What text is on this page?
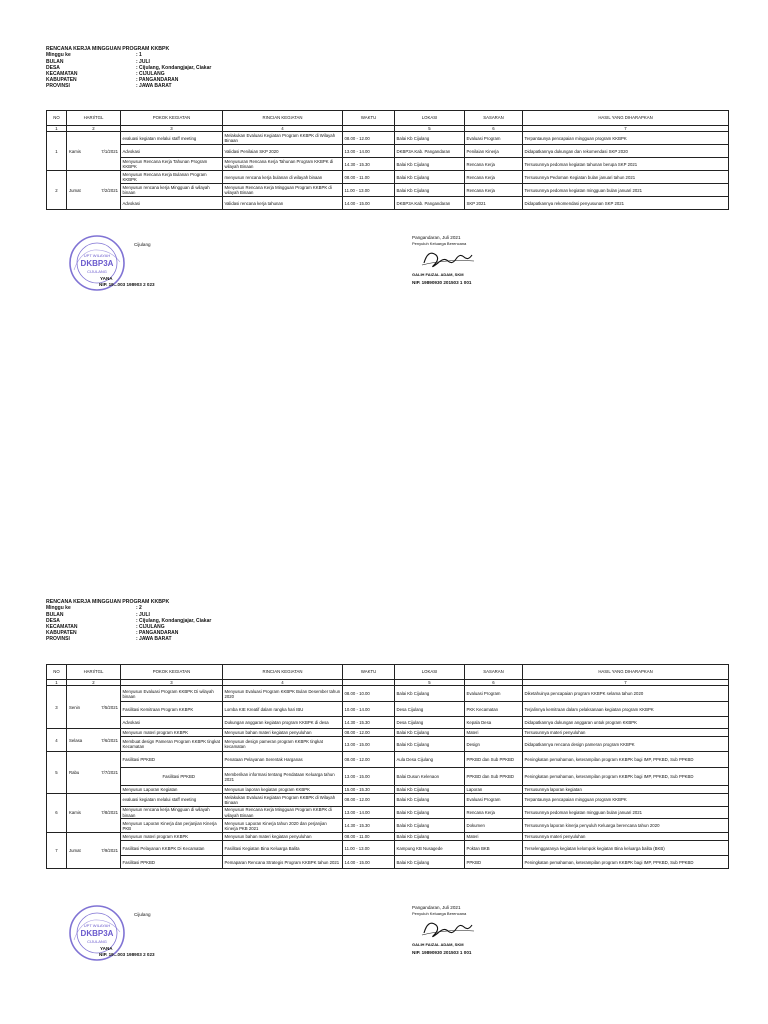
RENCANA KERJA MINGGUAN PROGRAM KKBPK
Minggu ke	: 1
BULAN	: JULI
DESA	: Cijulang, Kondangjajar, Ciakar
KECAMATAN	: CIJULANG
KABUPATEN	: PANGANDARAN
PROVINSI	: JAWA BARAT
NO	HARI/TGL	POKOK KEGIATAN	RINCIAN KEGIATAN	WAKTU	LOKASI	SASARAN	HASIL YANG DIHARAPKAN
1	2	3	4		5	6	7
1	Kamis 7/1/2021	evaluasi kegiatan melalui staff meeting	Melakukan Evaluasi Kegiatan Program KKBPK di Wilayah Binaan	08.00 - 12.00	Balai Kb Cijulang	Evaluasi Program	Terpantaunya pencapaian mingguan program KKBPK
		Advokasi	Validasi Penilaian SKP 2020	13.00 - 14.00	DKBP3A Kab. Pangandaran	Penilaian Kinerja	Didapatkannya dukungan dan rekomendasi SKP 2020
		Menyusun Rencana Kerja Tahunan Program KKBPK	Menyusuran Rencana Kerja Tahunan Program KKBPK di wilayah Binaan	14.30 - 15.30	Balai Kb Cijulang	Rencana Kerja	Tersusunnya pedoman kegiatan tahunan berupa SKP 2021
2	Jumat 7/2/2021	Menyusun Rencana Kerja Bulanan Program KKBPK	menyusun rencana kerja bulanan di wilayah binaan	08.00 - 11.00	Balai Kb Cijulang	Rencana Kerja	Tersusunnya Pedoman Kegiatan bulan januari tahun 2021
		Menyusun rencana kerja Mingguan di wilayah binaan	Menyusun Rencana Kerja Mingguan Program KKBPK di wilayah Binaan	11.00 - 13.00	Balai Kb Cijulang	Rencana Kerja	Tersusunnya pedoman kegiatan mingguan bulan januari 2021
		Advokasi	Validasi rencana kerja tahunan	14.00 - 15.00	DKBP3A Kab. Pangandaran	SKP 2021	Didapatkannya rekomendasi penyusunan SKP 2021
UPT WILAYAH
DKBP3A
CIJULANG
Cijulang
YANA
NIP. 19...003 198903 2 023
Pangandaran, Juli 2021
Penyuluh Keluarga Berencana
GALIH FAIZAL ADAM, SKM
NIP. 19890930 201503 1 001
RENCANA KERJA MINGGUAN PROGRAM KKBPK
Minggu ke	: 2
BULAN	: JULI
DESA	: Cijulang, Kondangjajar, Ciakar
KECAMATAN	: CIJULANG
KABUPATEN	: PANGANDARAN
PROVINSI	: JAWA BARAT
NO	HARI/TGL	POKOK KEGIATAN	RINCIAN KEGIATAN	WAKTU	LOKASI	SASARAN	HASIL YANG DIHARAPKAN
1	2	3	4		5	6	7
3	Senin 7/5/2021	Menyusun Evaluasi Program KKBPK Di wilayah binaan	Menyusun Evaluasi Program KKBPK Bulan Desember tahun 2020	08.00 - 10.00	Balai Kb Cijulang	Evaluasi Program	Diketahuinya pencapaian program KKBPK selama tahun 2020
		Fasilitasi Kemitraan Program KKBPK	Lomba KIE Kreatif dalam rangka hari IBU	10.00 - 14.00	Desa Cijulang	PKK Kecamatan	Terjalinnya kemitraan dalam pelaksanaan kegiatan program KKBPK
		Advokasi	Dukungan anggaran kegiatan program KKBPK di desa	14.30 - 15.30	Desa Cijulang	Kepala Desa	Didapatkannya dukungan anggaran untuk program KKBPK
4	Selasa 7/6/2021	Menyusun materi program KKBPK	Menyusun bahan materi kegiatan penyuluhan	08.00 - 12.00	Balai Kb Cijulang	Materi	Tersusunnya materi penyuluhan
		Membuat design Pameran Program KKBPK tingkat Kecamatan	Menyusun design pameran program KKBPK tingkat kecamatan	13.00 - 15.00	Balai Kb Cijulang	Design	Didapatkannya rencana design pameran program KKBPK
5	Rabu 7/7/2021	Fasilitasi PPKBD	Penataan Pelayanan Serentak Harganas	08.00 - 12.00	Aula Desa Cijulang	PPKBD dan Sub PPKBD	Peningkatan pemahaman, keterampilan program KKBPK bagi IMP, PPKBD, Sub PPKBD
		Fasilitasi PPKBD	Memberikan informasi tentang Pendataan Keluarga tahun 2021	13.00 - 15.00	Balai Dusun Kelenaon	PPKBD dan Sub PPKBD	Peningkatan pemahaman, keterampilan program KKBPK bagi IMP, PPKBD, Sub PPKBD
		Menyusun Laporan Kegiatan	Menyusun laporan kegiatan program KKBPK	15.00 - 15.30	Balai Kb Cijulang	Laporan	Tersusunnya laporan kegiatan
6	Kamis 7/8/2021	evaluasi kegiatan melalui staff meeting	Melakukan Evaluasi Kegiatan Program KKBPK di Wilayah Binaan	08.00 - 12.00	Balai Kb Cijulang	Evaluasi Program	Terpantaunya pencapaian mingguan program KKBPK
		Menyusun rencana kerja Mingguan di wilayah binaan	Menyusun Rencana Kerja Mingguan Program KKBPK di wilayah Binaan	13.00 - 14.00	Balai Kb Cijulang	Rencana Kerja	Tersusunnya pedoman kegiatan mingguan bulan januari 2021
		Menyusun Laporan Kinerja dan perjanjian Kinerja PKB	Menyusun Laporan Kinerja tahun 2020 dan perjanjian Kinerja PKB 2021	14.30 - 15.30	Balai Kb Cijulang	Dokumen	Tersusunnya laporan kinerja penyuluh Keluarga berencana tahun 2020
7	Jumat 7/9/2021	Menyusun materi program KKBPK	Menyusun bahan materi kegiatan penyuluhan	08.00 - 11.00	Balai Kb Cijulang	Materi	Tersusunnya materi penyuluhan
		Fasilitasi Pelayanan KKBPK Di Kecamatan	Fasilitasi Kegiatan Bina Keluarga Balita	11.00 - 13.00	Kampung KB Nusagede	Poktan BKB	Terselenggaranya kegiatan kelompok kegiatan Bina keluarga balita (BKB)
		Fasilitasi PPKBD	Pemaparan Rencana Strategis Program KKBPK tahun 2021	14.00 - 15.00	Balai Kb Cijulang	PPKBD	Peningkatan pemahaman, keterampilan program KKBPK bagi IMP, PPKBD, Sub PPKBD
UPT WILAYAH
DKBP3A
CIJULANG
Cijulang
YANA
NIP. 19...003 198903 2 023
Pangandaran, Juli 2021
Penyuluh Keluarga Berencana
GALIH FAIZAL ADAM, SKM
NIP. 19890930 201503 1 001
